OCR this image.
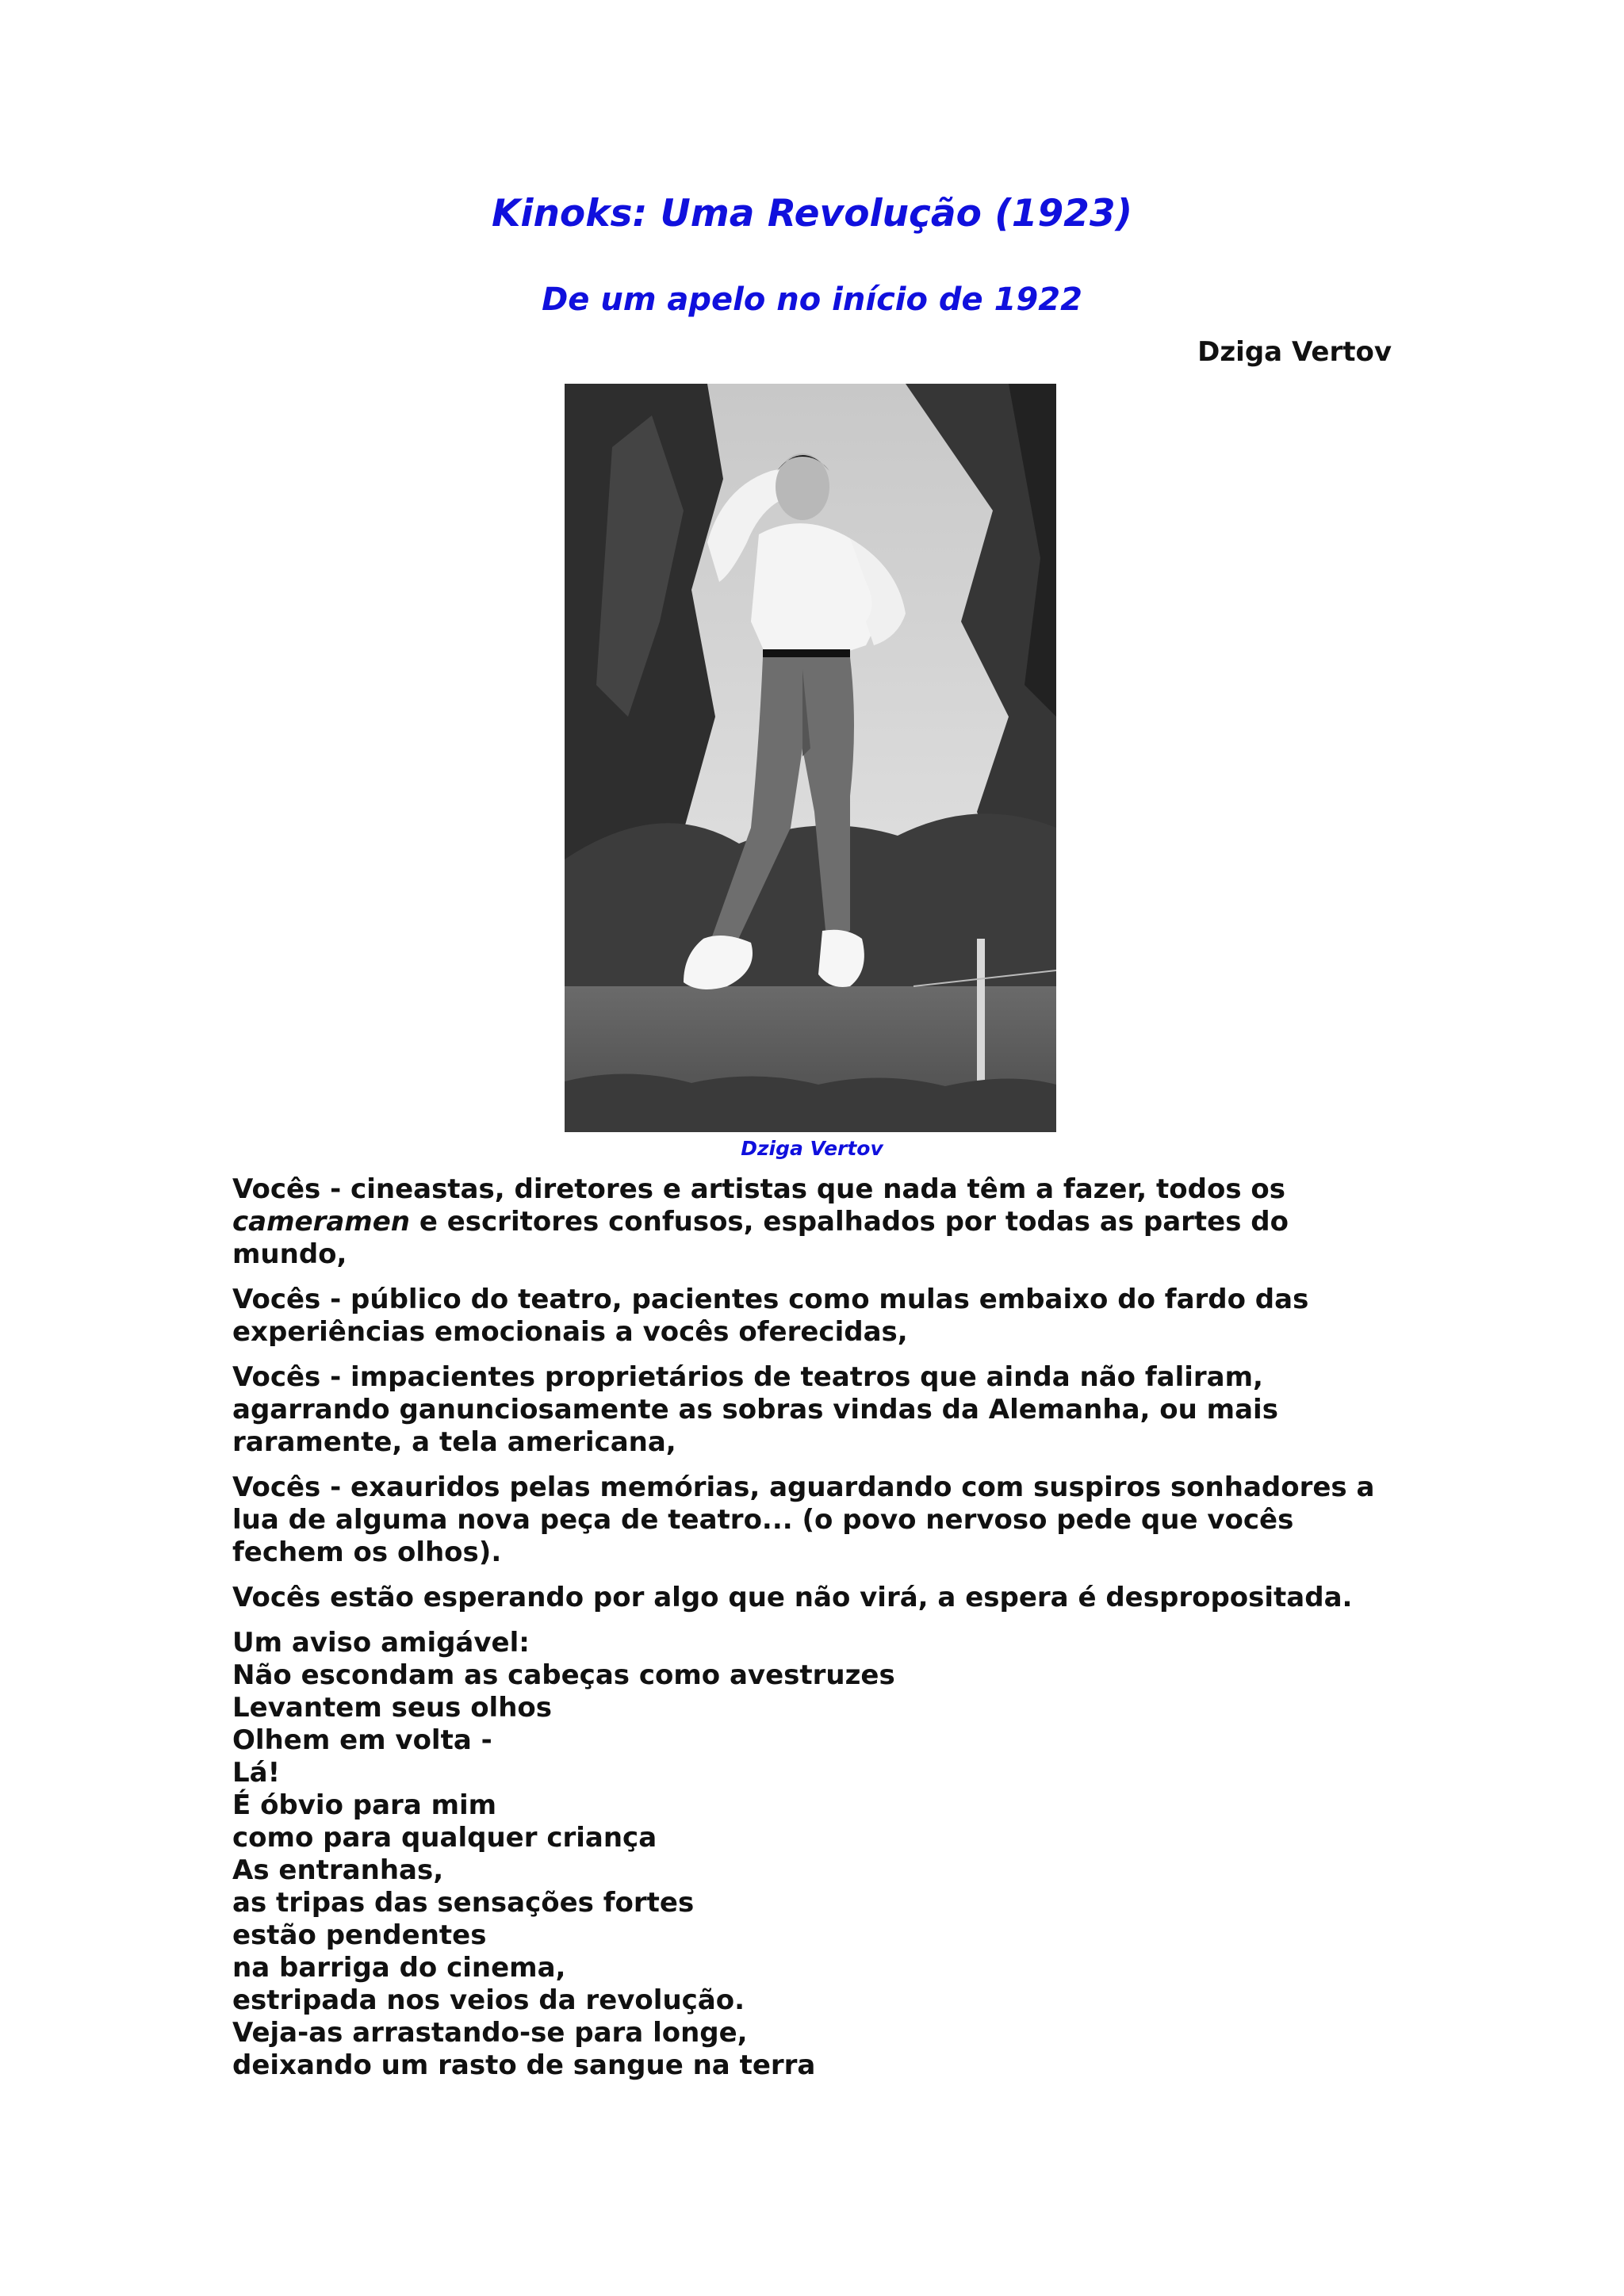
Kinoks: Uma Revolução (1923)
De um apelo no início de 1922
Dziga Vertov
Dziga Vertov

Vocês - cineastas, diretores e artistas que nada têm a fazer, todos os cameramen e escritores confusos, espalhados por todas as partes do mundo,

Vocês - público do teatro, pacientes como mulas embaixo do fardo das experiências emocionais a vocês oferecidas,

Vocês - impacientes proprietários de teatros que ainda não faliram, agarrando ganunciosamente as sobras vindas da Alemanha, ou mais raramente, a tela americana,

Vocês - exauridos pelas memórias, aguardando com suspiros sonhadores a lua de alguma nova peça de teatro... (o povo nervoso pede que vocês fechem os olhos).

Vocês estão esperando por algo que não virá, a espera é despropositada.

Um aviso amigável:
Não escondam as cabeças como avestruzes
Levantem seus olhos
Olhem em volta -
Lá!
É óbvio para mim
como para qualquer criança
As entranhas,
as tripas das sensações fortes
estão pendentes
na barriga do cinema,
estripada nos veios da revolução.
Veja-as arrastando-se para longe,
deixando um rasto de sangue na terra
